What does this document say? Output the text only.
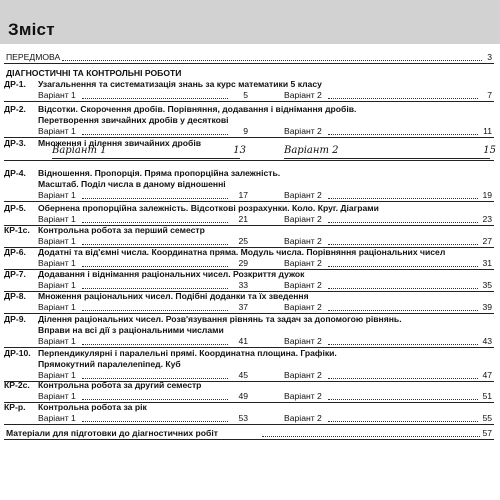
Зміст
ПЕРЕДМОВА	3
ДІАГНОСТИЧНІ ТА КОНТРОЛЬНІ РОБОТИ
ДР-1. Узагальнення та систематизація знань за курс математики 5 класу
Варіант 1	5	Варіант 2	7
ДР-2. Відсотки. Скорочення дробів. Порівняння, додавання і віднімання дробів.
Перетворення звичайних дробів у десяткові
Варіант 1	9	Варіант 2	11
ДР-3. Множення і ділення звичайних дробів
Варіант 1	13	Варіант 2	15
ДР-4. Відношення. Пропорція. Пряма пропорційна залежність.
Масштаб. Поділ числа в даному відношенні
Варіант 1	17	Варіант 2	19
ДР-5. Обернена пропорційна залежність. Відсоткові розрахунки. Коло. Круг. Діаграми
Варіант 1	21	Варіант 2	23
КР-1с. Контрольна робота за перший семестр
Варіант 1	25	Варіант 2	27
ДР-6. Додатні та від'ємні числа. Координатна пряма. Модуль числа. Порівняння раціональних чисел
Варіант 1	29	Варіант 2	31
ДР-7. Додавання і віднімання раціональних чисел. Розкриття дужок
Варіант 1	33	Варіант 2	35
ДР-8. Множення раціональних чисел. Подібні доданки та їх зведення
Варіант 1	37	Варіант 2	39
ДР-9. Ділення раціональних чисел. Розв'язування рівнянь та задач за допомогою рівнянь.
Вправи на всі дії з раціональними числами
Варіант 1	41	Варіант 2	43
ДР-10. Перпендикулярні і паралельні прямі. Координатна площина. Графіки.
Прямокутний паралелепіпед. Куб
Варіант 1	45	Варіант 2	47
КР-2с. Контрольна робота за другий семестр
Варіант 1	49	Варіант 2	51
КР-р. Контрольна робота за рік
Варіант 1	53	Варіант 2	55
Матеріали для підготовки до діагностичних робіт	57
